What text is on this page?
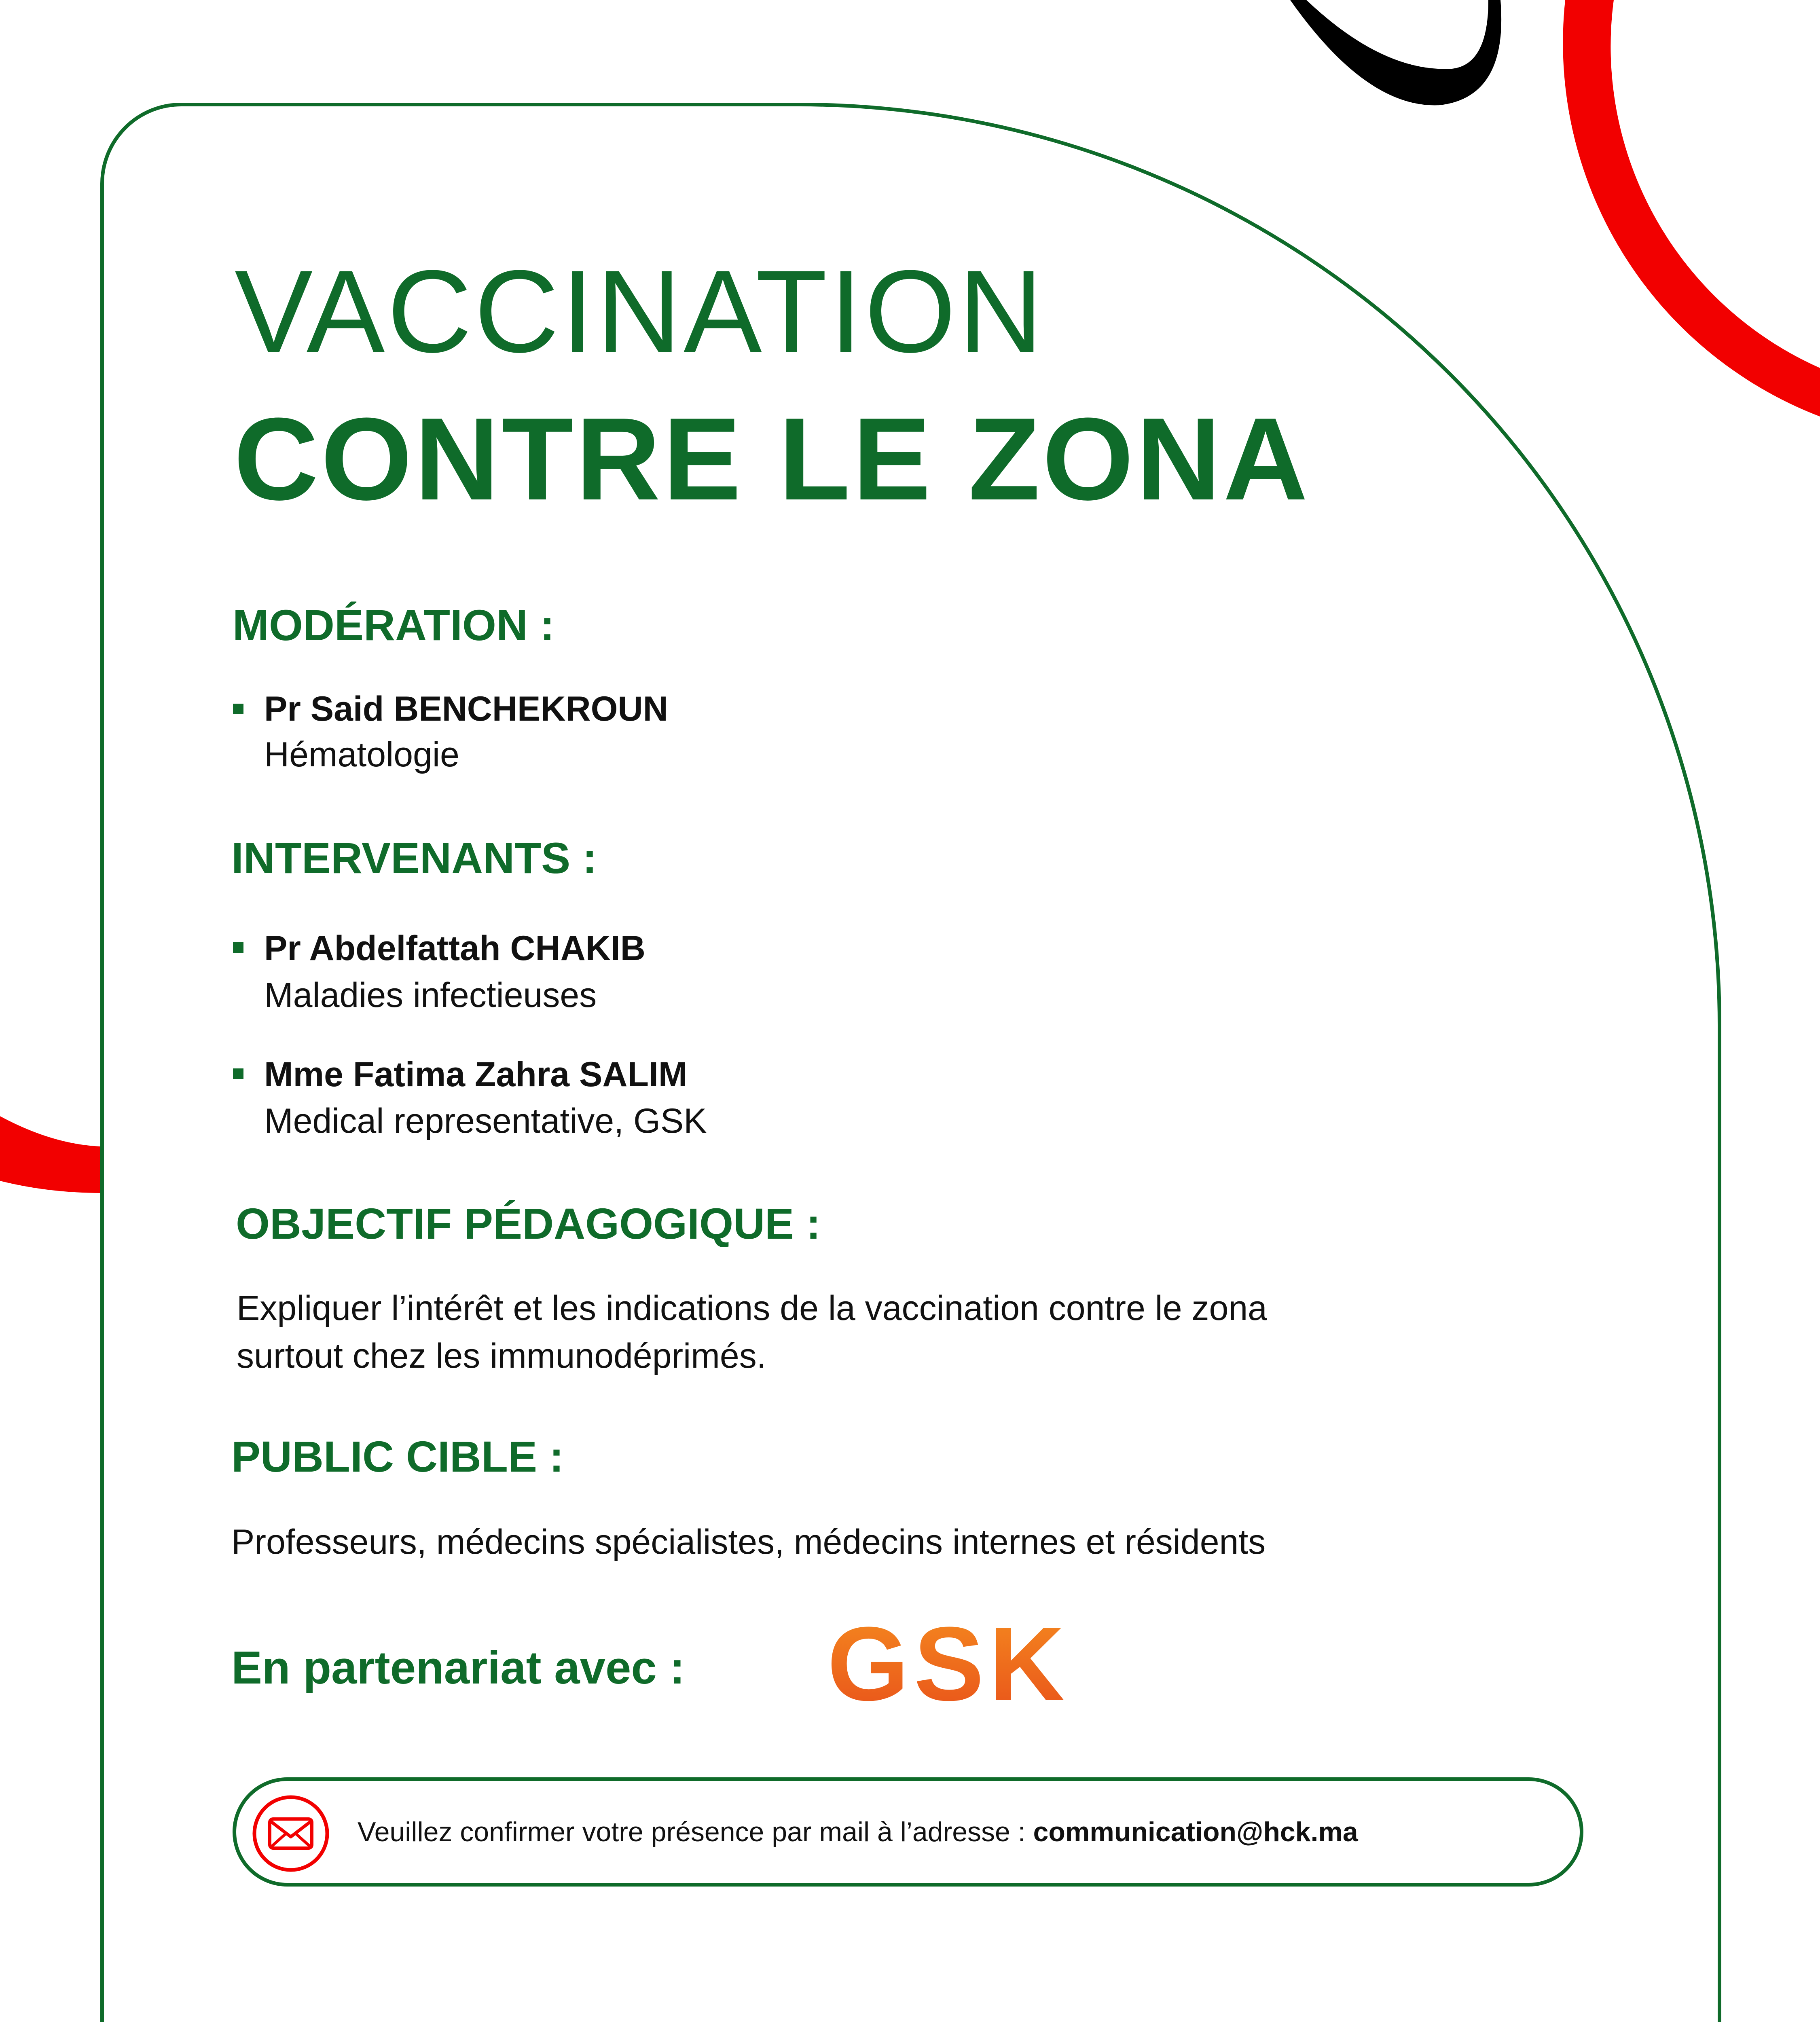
VACCINATION
CONTRE LE ZONA
MODÉRATION :
Pr Said BENCHEKROUN
Hématologie
INTERVENANTS :
Pr Abdelfattah CHAKIB
Maladies infectieuses
Mme Fatima Zahra SALIM
Medical representative, GSK
OBJECTIF PÉDAGOGIQUE :
Expliquer l’intérêt et les indications de la vaccination contre le zona
surtout chez les immunodéprimés.
PUBLIC CIBLE :
Professeurs, médecins spécialistes, médecins internes et résidents
En partenariat avec : GSK
Veuillez confirmer votre présence par mail à l’adresse : communication@hck.ma
